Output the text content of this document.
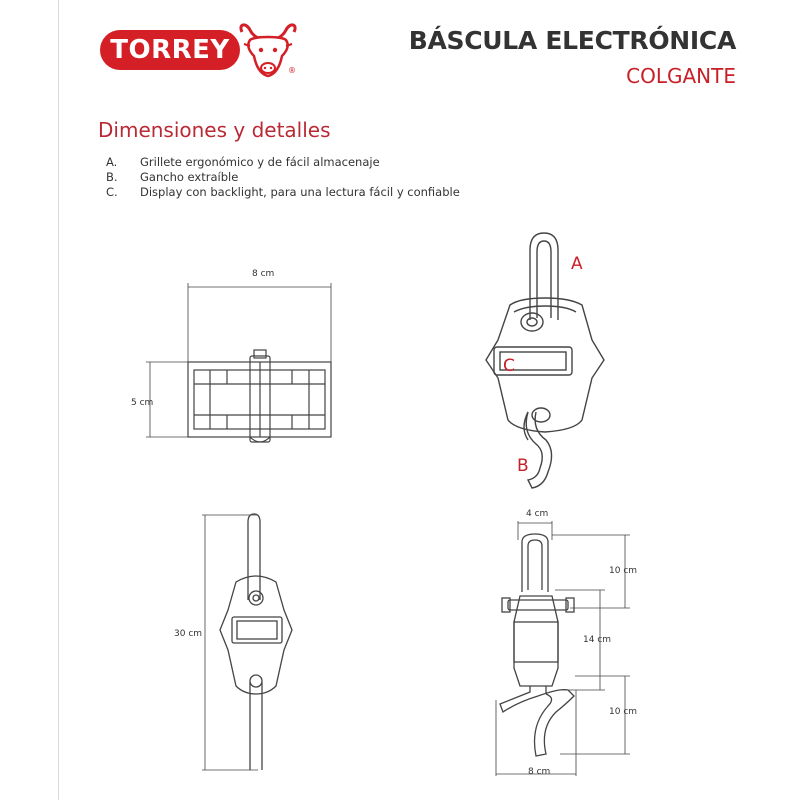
TORREY
®
BÁSCULA ELECTRÓNICA
COLGANTE
Dimensiones y detalles
A. Grillete ergonómico y de fácil almacenaje
B. Gancho extraíble
C. Display con backlight, para una lectura fácil y confiable
8 cm
5 cm
A
C
B
30 cm
4 cm
10 cm
14 cm
10 cm
8 cm
